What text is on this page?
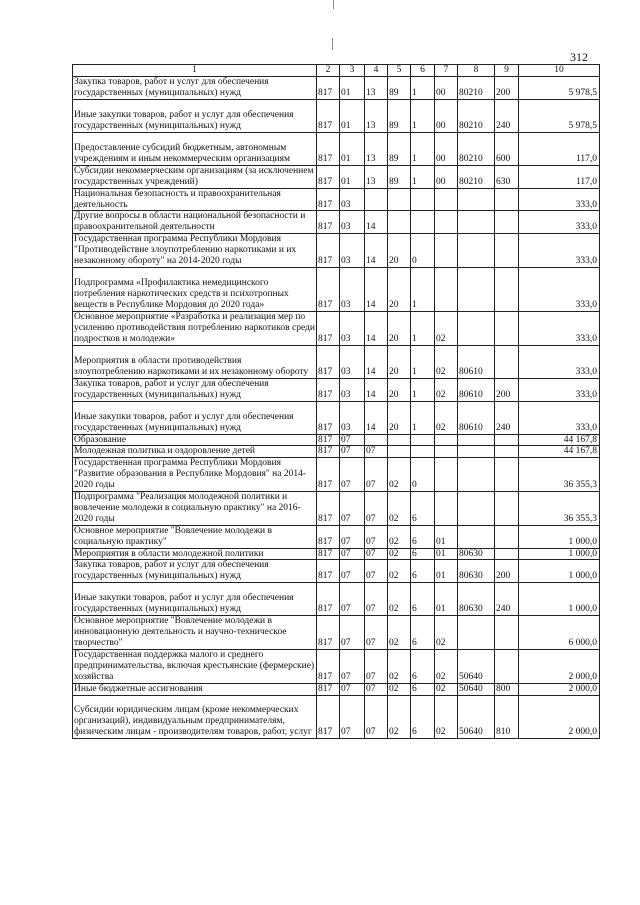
312
1	2	3	4	5	6	7	8	9	10
Закупка товаров, работ и услуг для обеспечения государственных (муниципальных) нужд	817	01	13	89	1	00	80210	200	5 978,5
Иные закупки товаров, работ и услуг для обеспечения государственных (муниципальных) нужд	817	01	13	89	1	00	80210	240	5 978,5
Предоставление субсидий бюджетным, автономным учреждениям и иным некоммерческим организациям	817	01	13	89	1	00	80210	600	117,0
Субсидии некоммерческим организациям (за исключением государственных учреждений)	817	01	13	89	1	00	80210	630	117,0
Национальная безопасность и правоохранительная деятельность	817	03							333,0
Другие вопросы в области национальной безопасности и правоохранительной деятельности	817	03	14						333,0
Государственная программа Республики Мордовия "Противодействие злоупотреблению наркотиками и их незаконному обороту" на 2014-2020 годы	817	03	14	20	0				333,0
Подпрограмма «Профилактика немедицинского потребления наркотических средств и психотропных веществ в Республике Мордовия до 2020 года»	817	03	14	20	1				333,0
Основное мероприятие «Разработка и реализация мер по усилению противодействия потреблению наркотиков среди подростков и молодежи»	817	03	14	20	1	02			333,0
Мероприятия в области противодействия злоупотреблению наркотиками и их незаконному обороту	817	03	14	20	1	02	80610		333,0
Закупка товаров, работ и услуг для обеспечения государственных (муниципальных) нужд	817	03	14	20	1	02	80610	200	333,0
Иные закупки товаров, работ и услуг для обеспечения государственных (муниципальных) нужд	817	03	14	20	1	02	80610	240	333,0
Образование	817	07							44 167,8
Молодежная политика и оздоровление детей	817	07	07						44 167,8
Государственная программа Республики Мордовия "Развитие образования в Республике Мордовия" на 2014-2020 годы	817	07	07	02	0				36 355,3
Подпрограмма "Реализация молодежной политики и вовлечение молодежи в социальную практику" на 2016-2020 годы	817	07	07	02	6				36 355,3
Основное мероприятие "Вовлечение молодежи в социальную практику"	817	07	07	02	6	01			1 000,0
Мероприятия в области молодежной политики	817	07	07	02	6	01	80630		1 000,0
Закупка товаров, работ и услуг для обеспечения государственных (муниципальных) нужд	817	07	07	02	6	01	80630	200	1 000,0
Иные закупки товаров, работ и услуг для обеспечения государственных (муниципальных) нужд	817	07	07	02	6	01	80630	240	1 000,0
Основное мероприятие "Вовлечение молодежи в инновационную деятельность и научно-техническое творчество"	817	07	07	02	6	02			6 000,0
Государственная поддержка малого и среднего предпринимательства, включая крестьянские (фермерские) хозяйства	817	07	07	02	6	02	50640		2 000,0
Иные бюджетные ассигнования	817	07	07	02	6	02	50640	800	2 000,0
Субсидии юридическим лицам (кроме некоммерческих организаций), индивидуальным предпринимателям, физическим лицам - производителям товаров, работ, услуг	817	07	07	02	6	02	50640	810	2 000,0
